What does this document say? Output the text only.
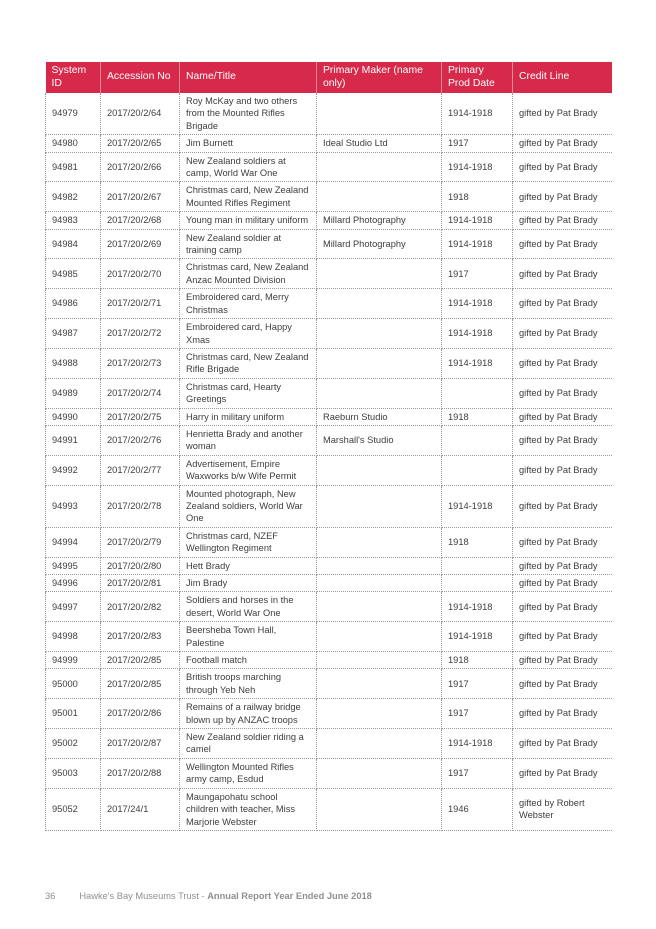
System ID	Accession No	Name/Title	Primary Maker (name only)	Primary Prod Date	Credit Line
94979	2017/20/2/64	Roy McKay and two others from the Mounted Rifles Brigade		1914-1918	gifted by Pat Brady
94980	2017/20/2/65	Jim Burnett	Ideal Studio Ltd	1917	gifted by Pat Brady
94981	2017/20/2/66	New Zealand soldiers at camp, World War One		1914-1918	gifted by Pat Brady
94982	2017/20/2/67	Christmas card, New Zealand Mounted Rifles Regiment		1918	gifted by Pat Brady
94983	2017/20/2/68	Young man in military uniform	Millard Photography	1914-1918	gifted by Pat Brady
94984	2017/20/2/69	New Zealand soldier at training camp	Millard Photography	1914-1918	gifted by Pat Brady
94985	2017/20/2/70	Christmas card, New Zealand Anzac Mounted Division		1917	gifted by Pat Brady
94986	2017/20/2/71	Embroidered card, Merry Christmas		1914-1918	gifted by Pat Brady
94987	2017/20/2/72	Embroidered card, Happy Xmas		1914-1918	gifted by Pat Brady
94988	2017/20/2/73	Christmas card, New Zealand Rifle Brigade		1914-1918	gifted by Pat Brady
94989	2017/20/2/74	Christmas card, Hearty Greetings			gifted by Pat Brady
94990	2017/20/2/75	Harry in military uniform	Raeburn Studio	1918	gifted by Pat Brady
94991	2017/20/2/76	Henrietta Brady and another woman	Marshall's Studio		gifted by Pat Brady
94992	2017/20/2/77	Advertisement, Empire Waxworks b/w Wife Permit			gifted by Pat Brady
94993	2017/20/2/78	Mounted photograph, New Zealand soldiers, World War One		1914-1918	gifted by Pat Brady
94994	2017/20/2/79	Christmas card, NZEF Wellington Regiment		1918	gifted by Pat Brady
94995	2017/20/2/80	Hett Brady			gifted by Pat Brady
94996	2017/20/2/81	Jim Brady			gifted by Pat Brady
94997	2017/20/2/82	Soldiers and horses in the desert, World War One		1914-1918	gifted by Pat Brady
94998	2017/20/2/83	Beersheba Town Hall, Palestine		1914-1918	gifted by Pat Brady
94999	2017/20/2/85	Football match		1918	gifted by Pat Brady
95000	2017/20/2/85	British troops marching through Yeb Neh		1917	gifted by Pat Brady
95001	2017/20/2/86	Remains of a railway bridge blown up by ANZAC troops		1917	gifted by Pat Brady
95002	2017/20/2/87	New Zealand soldier riding a camel		1914-1918	gifted by Pat Brady
95003	2017/20/2/88	Wellington Mounted Rifles army camp, Esdud		1917	gifted by Pat Brady
95052	2017/24/1	Maungapohatu school children with teacher, Miss Marjorie Webster		1946	gifted by Robert Webster
36	Hawke's Bay Museums Trust - Annual Report Year Ended June 2018
